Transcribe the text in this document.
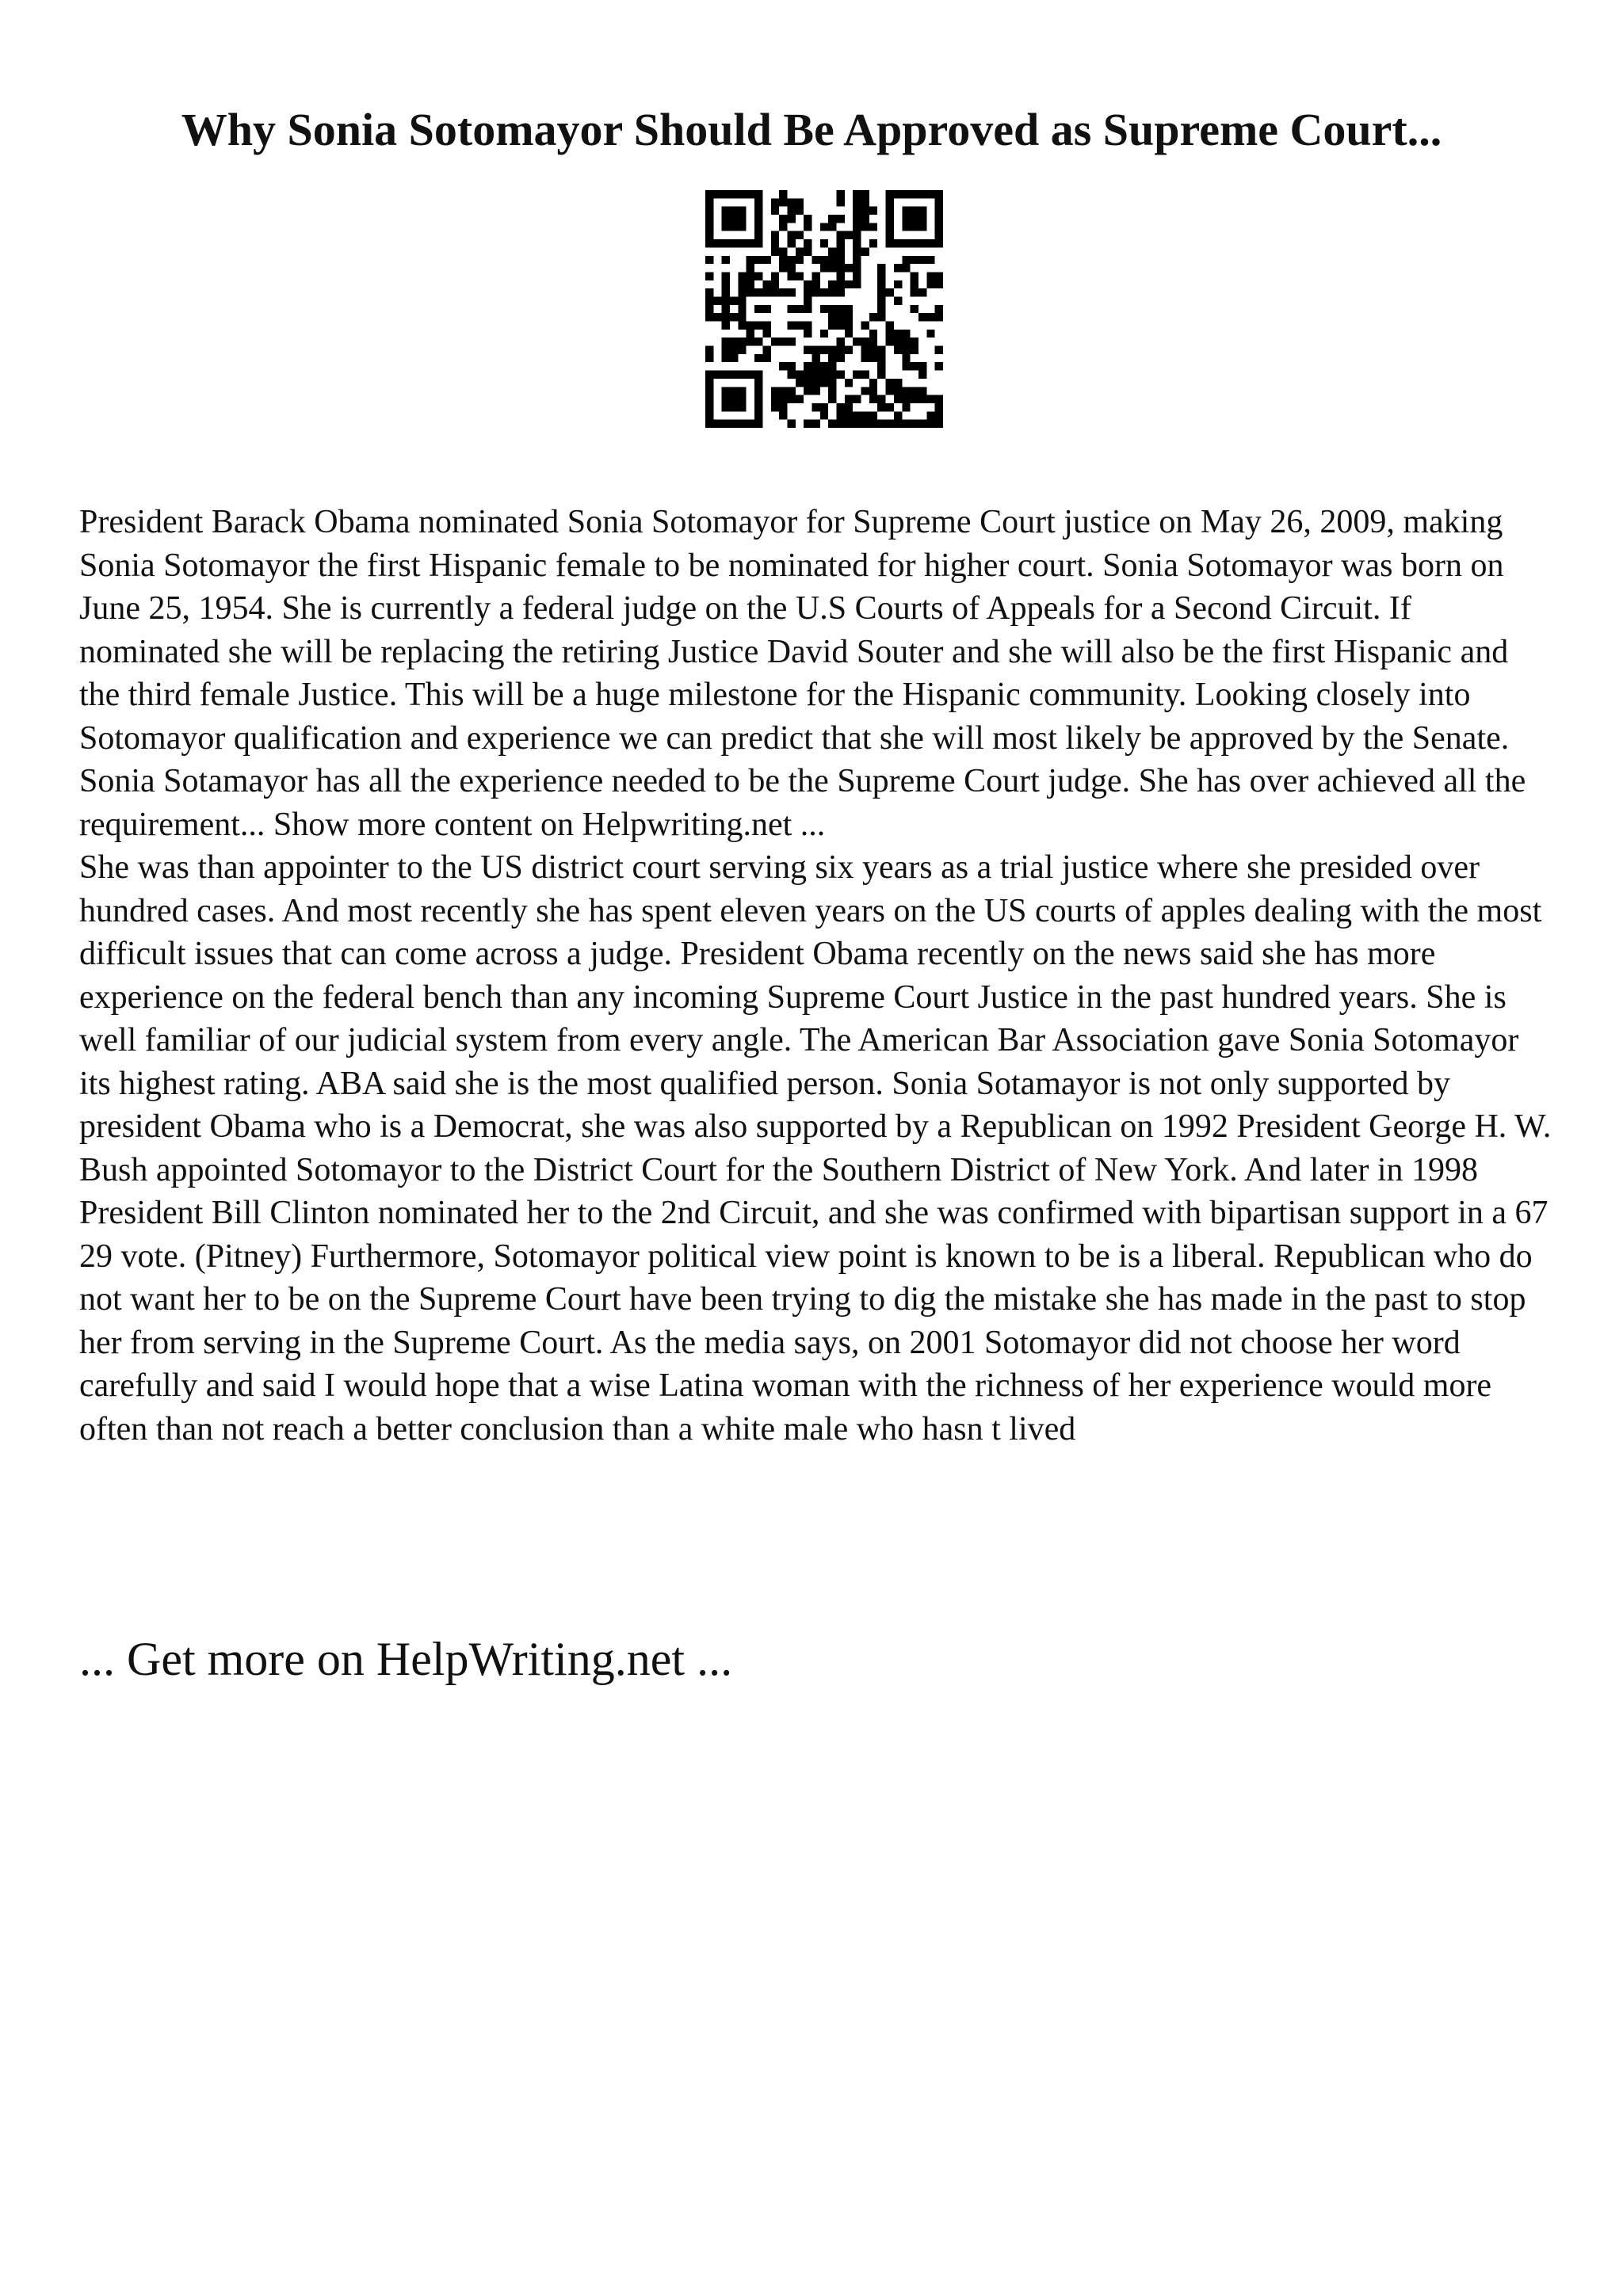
Why Sonia Sotomayor Should Be Approved as Supreme Court...

President Barack Obama nominated Sonia Sotomayor for Supreme Court justice on May 26, 2009, making Sonia Sotomayor the first Hispanic female to be nominated for higher court. Sonia Sotomayor was born on June 25, 1954. She is currently a federal judge on the U.S Courts of Appeals for a Second Circuit. If nominated she will be replacing the retiring Justice David Souter and she will also be the first Hispanic and the third female Justice. This will be a huge milestone for the Hispanic community. Looking closely into Sotomayor qualification and experience we can predict that she will most likely be approved by the Senate. Sonia Sotamayor has all the experience needed to be the Supreme Court judge. She has over achieved all the requirement... Show more content on Helpwriting.net ...

She was than appointer to the US district court serving six years as a trial justice where she presided over hundred cases. And most recently she has spent eleven years on the US courts of apples dealing with the most difficult issues that can come across a judge. President Obama recently on the news said she has more experience on the federal bench than any incoming Supreme Court Justice in the past hundred years. She is well familiar of our judicial system from every angle. The American Bar Association gave Sonia Sotomayor its highest rating. ABA said she is the most qualified person. Sonia Sotamayor is not only supported by president Obama who is a Democrat, she was also supported by a Republican on 1992 President George H. W. Bush appointed Sotomayor to the District Court for the Southern District of New York. And later in 1998 President Bill Clinton nominated her to the 2nd Circuit, and she was confirmed with bipartisan support in a 67 29 vote. (Pitney) Furthermore, Sotomayor political view point is known to be is a liberal. Republican who do not want her to be on the Supreme Court have been trying to dig the mistake she has made in the past to stop her from serving in the Supreme Court. As the media says, on 2001 Sotomayor did not choose her word carefully and said I would hope that a wise Latina woman with the richness of her experience would more often than not reach a better conclusion than a white male who hasn t lived

... Get more on HelpWriting.net ...
